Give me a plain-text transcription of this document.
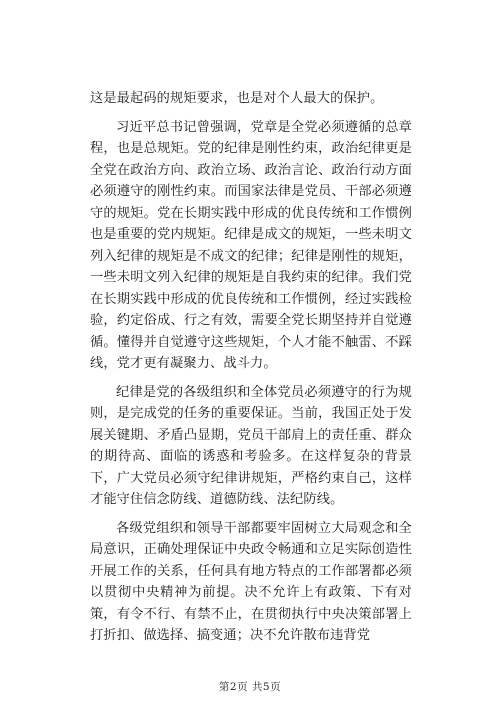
这是最起码的规矩要求，也是对个人最大的保护。

习近平总书记曾强调，党章是全党必须遵循的总章程，也是总规矩。党的纪律是刚性约束，政治纪律更是全党在政治方向、政治立场、政治言论、政治行动方面必须遵守的刚性约束。而国家法律是党员、干部必须遵守的规矩。党在长期实践中形成的优良传统和工作惯例也是重要的党内规矩。纪律是成文的规矩，一些未明文列入纪律的规矩是不成文的纪律；纪律是刚性的规矩，一些未明文列入纪律的规矩是自我约束的纪律。我们党在长期实践中形成的优良传统和工作惯例，经过实践检验，约定俗成、行之有效，需要全党长期坚持并自觉遵循。懂得并自觉遵守这些规矩，个人才能不触雷、不踩线，党才更有凝聚力、战斗力。

纪律是党的各级组织和全体党员必须遵守的行为规则，是完成党的任务的重要保证。当前，我国正处于发展关键期、矛盾凸显期，党员干部肩上的责任重、群众的期待高、面临的诱惑和考验多。在这样复杂的背景下，广大党员必须守纪律讲规矩，严格约束自己，这样才能守住信念防线、道德防线、法纪防线。

各级党组织和领导干部都要牢固树立大局观念和全局意识，正确处理保证中央政令畅通和立足实际创造性开展工作的关系，任何具有地方特点的工作部署都必须以贯彻中央精神为前提。决不允许上有政策、下有对策，有令不行、有禁不止，在贯彻执行中央决策部署上打折扣、做选择、搞变通；决不允许散布违背党

第2页 共5页
